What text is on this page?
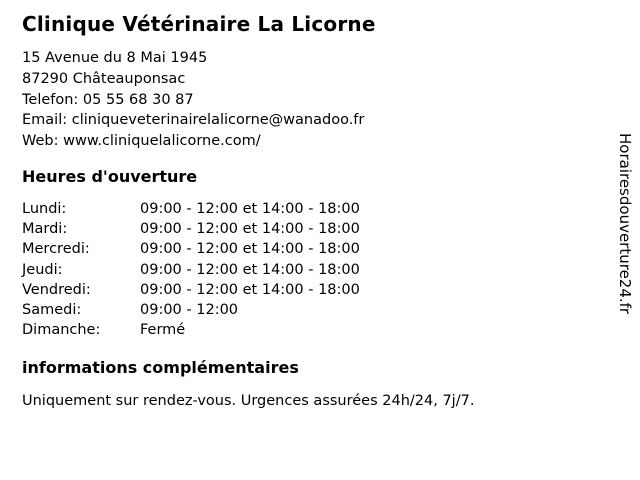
Clinique Vétérinaire La Licorne
15 Avenue du 8 Mai 1945
87290 Châteauponsac
Telefon: 05 55 68 30 87
Email: cliniqueveterinairelalicorne@wanadoo.fr
Web: www.cliniquelalicorne.com/
Heures d'ouverture
Lundi:	09:00 - 12:00 et 14:00 - 18:00
Mardi:	09:00 - 12:00 et 14:00 - 18:00
Mercredi:	09:00 - 12:00 et 14:00 - 18:00
Jeudi:	09:00 - 12:00 et 14:00 - 18:00
Vendredi:	09:00 - 12:00 et 14:00 - 18:00
Samedi:	09:00 - 12:00
Dimanche:	Fermé
informations complémentaires

Uniquement sur rendez-vous. Urgences assurées 24h/24, 7j/7.

Horairesdouverture24.fr
